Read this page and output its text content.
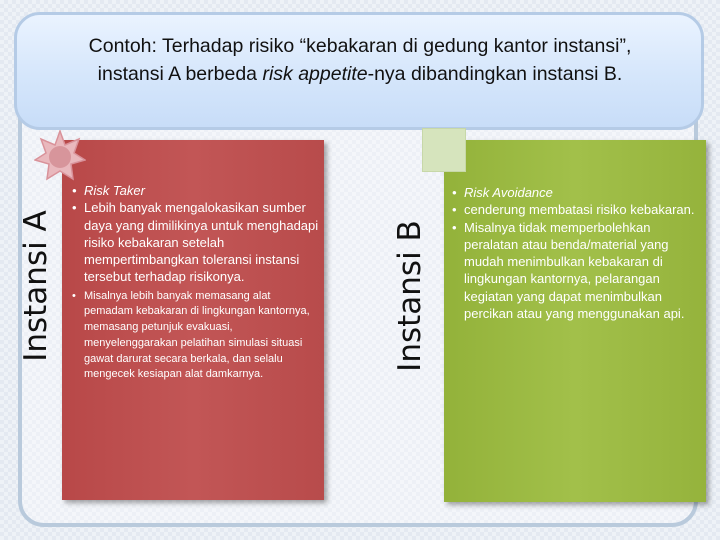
Contoh: Terhadap risiko “kebakaran di gedung kantor instansi”,
instansi A berbeda risk appetite-nya dibandingkan instansi B.
Instansi A
• Risk Taker
• Lebih banyak mengalokasikan sumber daya yang dimilikinya untuk menghadapi risiko kebakaran setelah mempertimbangkan toleransi instansi tersebut terhadap risikonya.
• Misalnya lebih banyak memasang alat pemadam kebakaran di lingkungan kantornya, memasang petunjuk evakuasi, menyelenggarakan pelatihan simulasi situasi gawat darurat secara berkala, dan selalu mengecek kesiapan alat damkarnya.
Instansi B
• Risk Avoidance
• cenderung membatasi risiko kebakaran.
• Misalnya tidak memperbolehkan peralatan atau benda/material yang mudah menimbulkan kebakaran di lingkungan kantornya, pelarangan kegiatan yang dapat menimbulkan percikan atau yang menggunakan api.
